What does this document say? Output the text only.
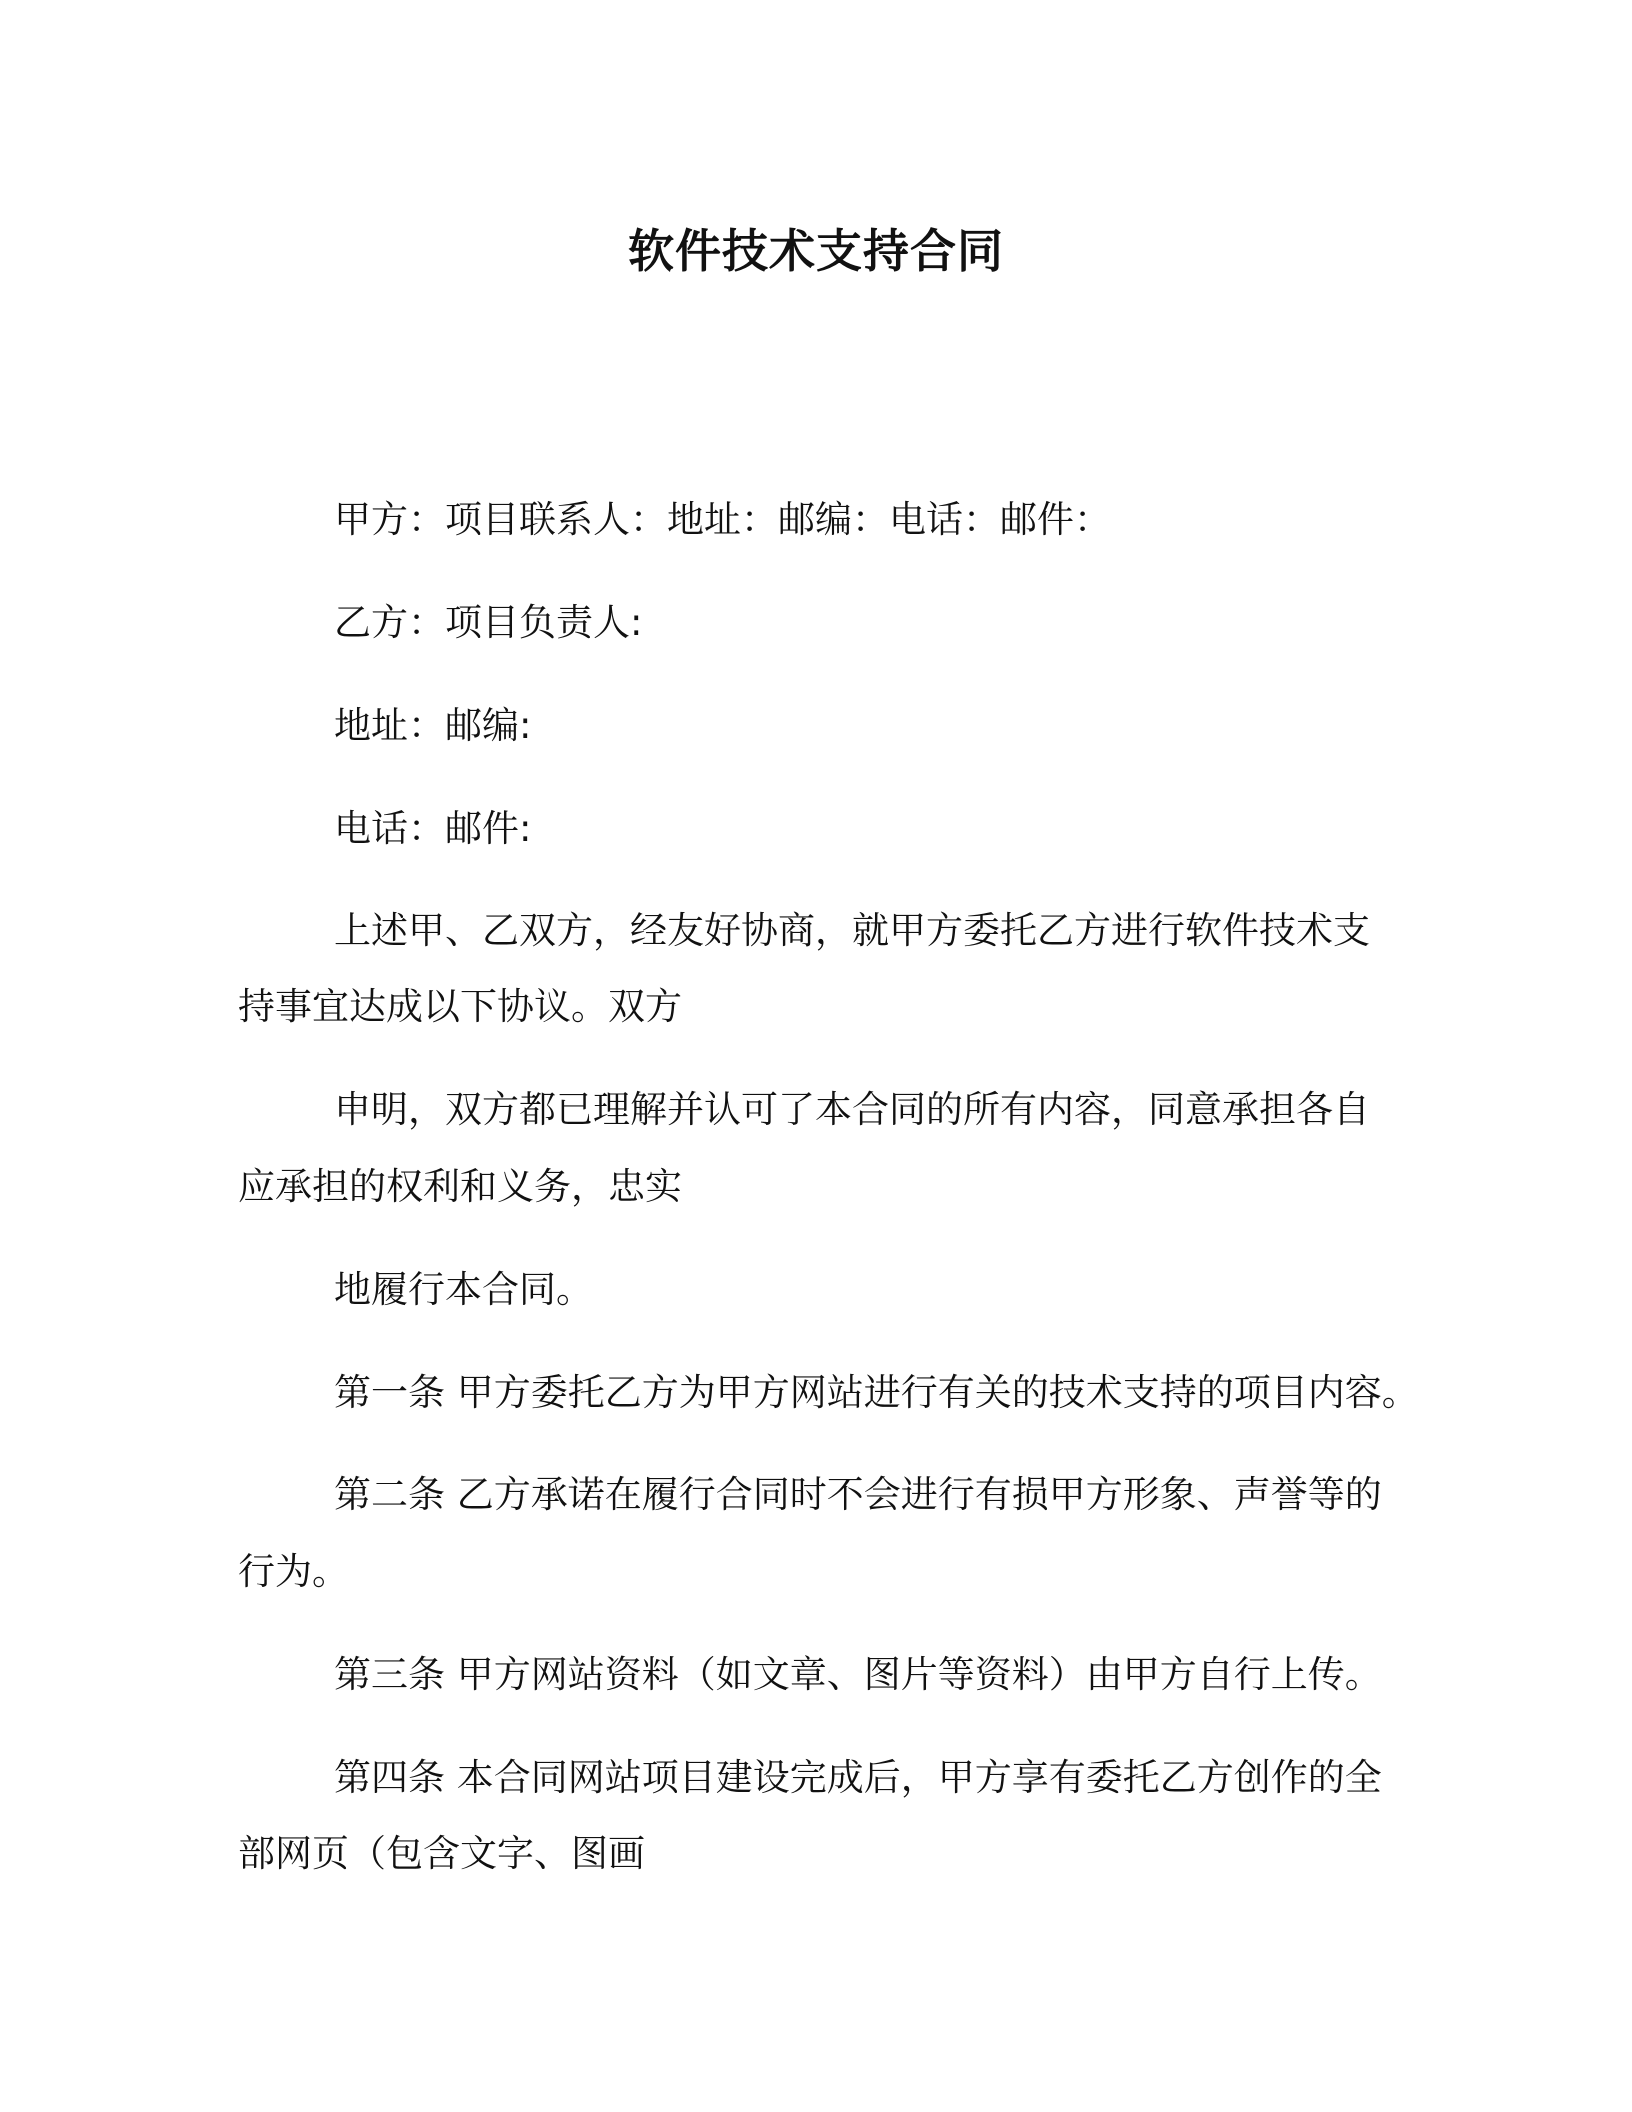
软件技术支持合同

甲方：项目联系人：地址：邮编：电话：邮件：

乙方：项目负责人:

地址：邮编:

电话：邮件:

上述甲、乙双方，经友好协商，就甲方委托乙方进行软件技术支

持事宜达成以下协议。双方

申明，双方都已理解并认可了本合同的所有内容，同意承担各自

应承担的权利和义务，忠实

地履行本合同。

第一条 甲方委托乙方为甲方网站进行有关的技术支持的项目内容。

第二条 乙方承诺在履行合同时不会进行有损甲方形象、声誉等的

行为。

第三条 甲方网站资料（如文章、图片等资料）由甲方自行上传。

第四条 本合同网站项目建设完成后，甲方享有委托乙方创作的全

部网页（包含文字、图画
